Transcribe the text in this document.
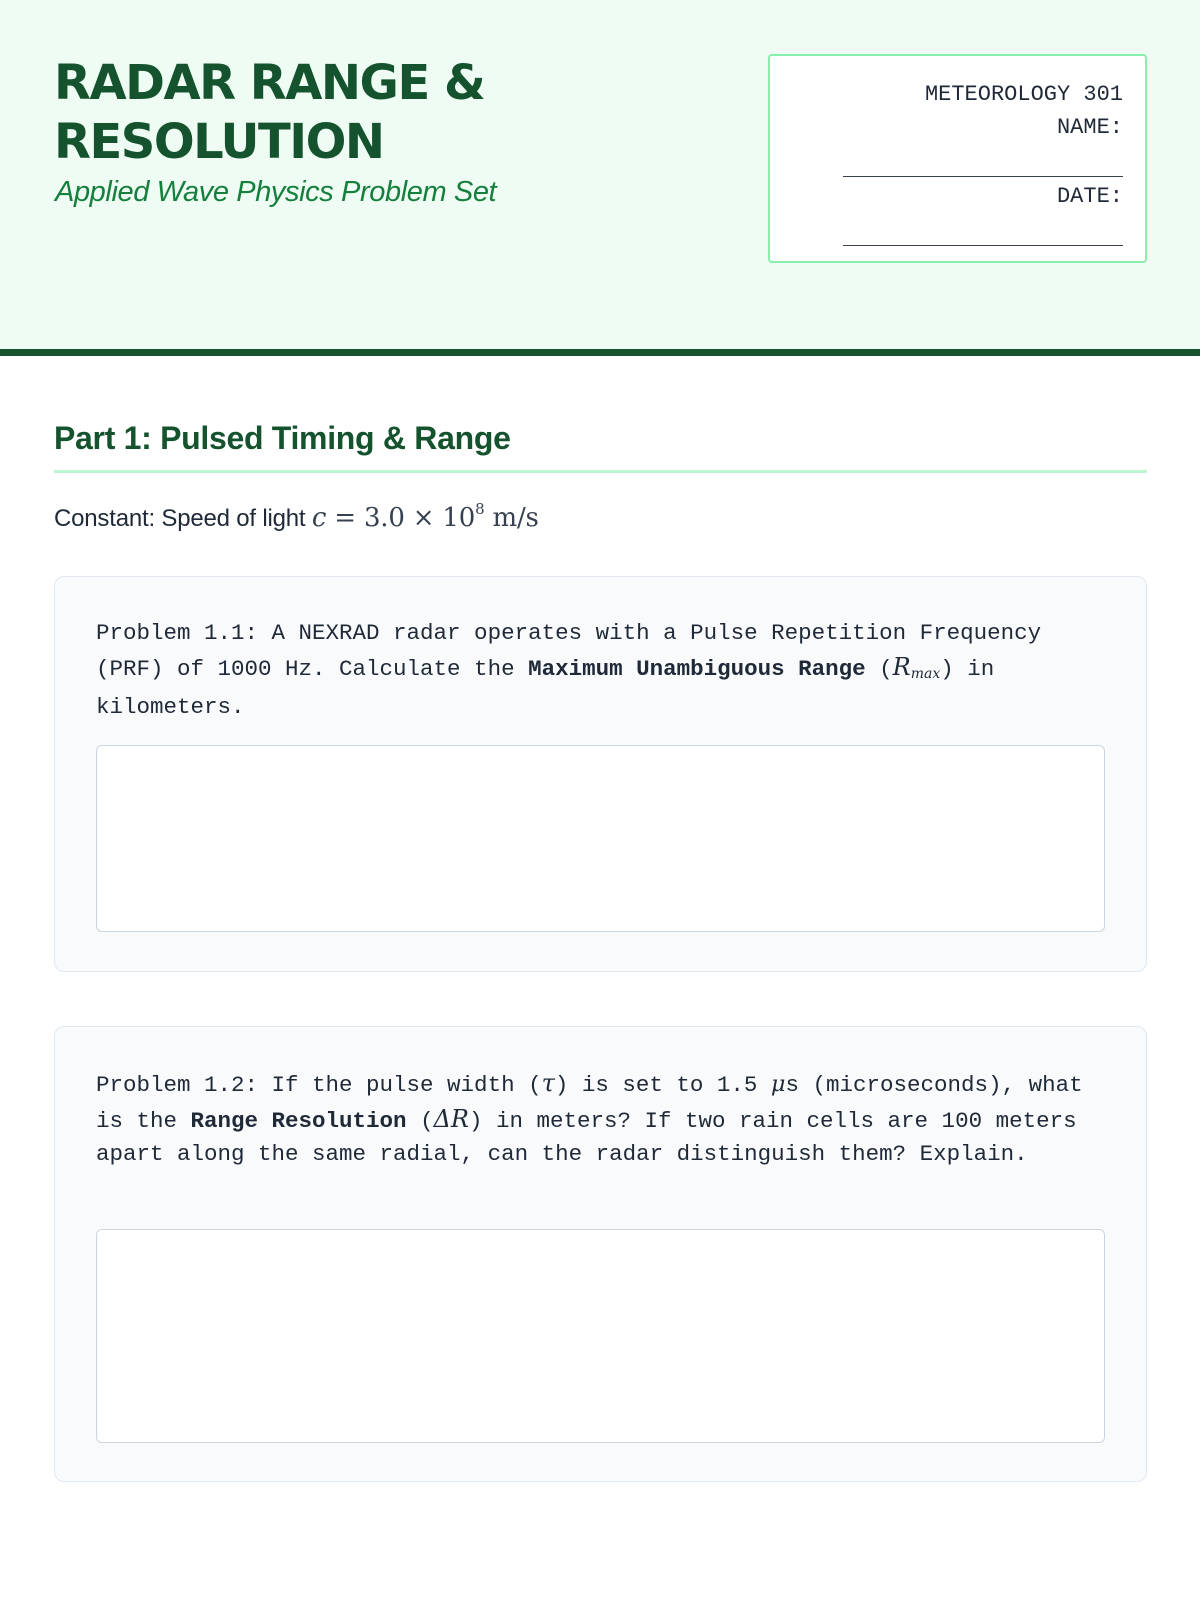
RADAR RANGE &
RESOLUTION

Applied Wave Physics Problem Set

METEOROLOGY 301
NAME:
DATE:
Part 1: Pulsed Timing & Range
Constant: Speed of light $c = 3.0 \times 10^8$ m/s

Problem 1.1: A NEXRAD radar operates with a Pulse Repetition Frequency (PRF) of 1000 Hz. Calculate the Maximum Unambiguous Range $(R_{max})$ in kilometers.

Problem 1.2: If the pulse width (τ) is set to 1.5 μs (microseconds), what is the Range Resolution (ΔR) in meters? If two rain cells are 100 meters apart along the same radial, can the radar distinguish them? Explain.
